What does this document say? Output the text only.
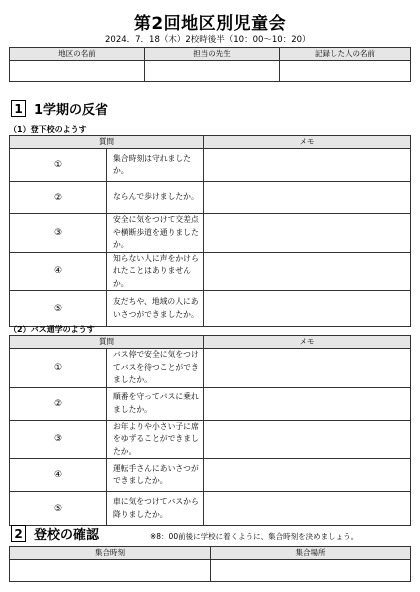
第2回地区別児童会
2024．7．18（木）2校時後半（10：00～10：20）
地区の名前	担当の先生	記録した人の名前

1 1学期の反省
（1）登下校のようす
質問		メモ
①	集合時刻は守れましたか。	
②	ならんで歩けましたか。	
③	安全に気をつけて交差点や横断歩道を通りましたか。	
④	知らない人に声をかけられたことはありませんか。	
⑤	友だちや、地域の人にあいさつができましたか。	
（2）バス通学のようす
質問		メモ
①	バス停で安全に気をつけてバスを待つことができましたか。	
②	順番を守ってバスに乗れましたか。	
③	お年よりや小さい子に席をゆずることができましたか。	
④	運転手さんにあいさつができましたか。	
⑤	車に気をつけてバスから降りましたか。	
2 登校の確認	※8：00前後に学校に着くように、集合時刻を決めましょう。
集合時刻	集合場所
